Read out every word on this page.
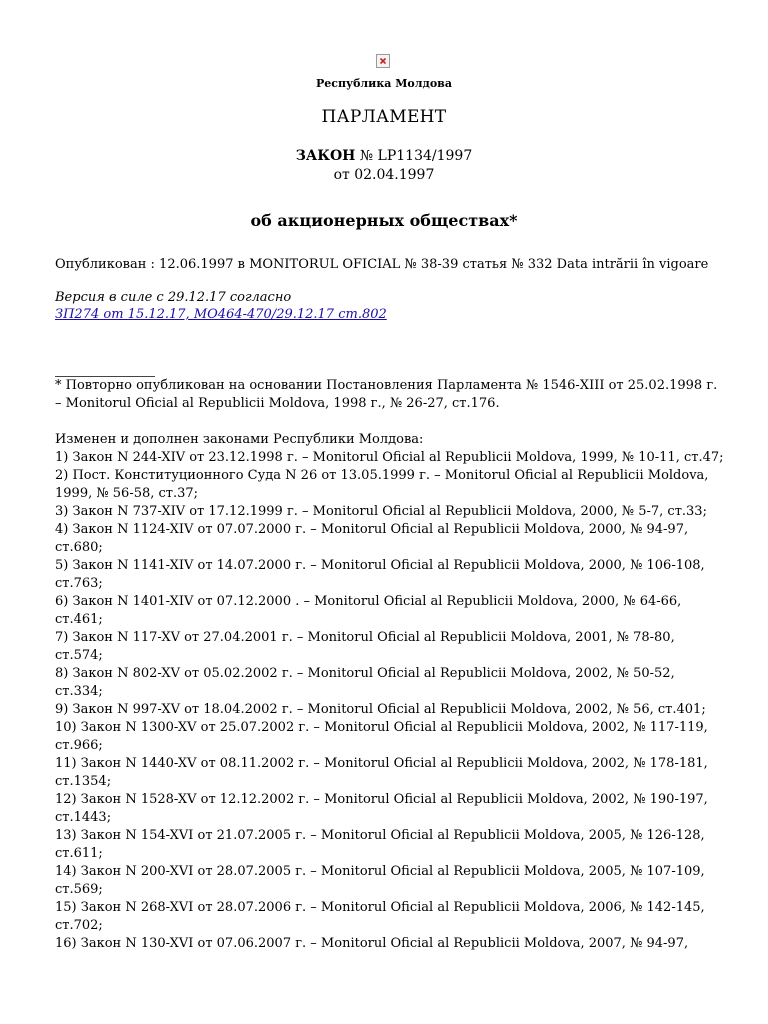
Республика Молдова
ПАРЛАМЕНТ
ЗАКОН № LP1134/1997
от 02.04.1997
об акционерных обществах*
Опубликован : 12.06.1997 в MONITORUL OFICIAL № 38-39 статья № 332 Data intrării în vigoare
Версия в силе с 29.12.17 согласно
ЗП274 от 15.12.17, MO464-470/29.12.17 ст.802
* Повторно опубликован на основании Постановления Парламента № 1546-XIII от 25.02.1998 г.
– Monitorul Oficial al Republicii Moldova, 1998 г., № 26-27, ст.176.
Изменен и дополнен законами Республики Молдова:
1) Закон N 244-XIV от 23.12.1998 г. – Monitorul Oficial al Republicii Moldova, 1999, № 10-11, ст.47;
2) Пост. Конституционного Суда N 26 от 13.05.1999 г. – Monitorul Oficial al Republicii Moldova,
1999, № 56-58, ст.37;
3) Закон N 737-XIV от 17.12.1999 г. – Monitorul Oficial al Republicii Moldova, 2000, № 5-7, ст.33;
4) Закон N 1124-XIV от 07.07.2000 г. – Monitorul Oficial al Republicii Moldova, 2000, № 94-97,
ст.680;
5) Закон N 1141-XIV от 14.07.2000 г. – Monitorul Oficial al Republicii Moldova, 2000, № 106-108,
ст.763;
6) Закон N 1401-XIV от 07.12.2000 . – Monitorul Oficial al Republicii Moldova, 2000, № 64-66,
ст.461;
7) Закон N 117-XV от 27.04.2001 г. – Monitorul Oficial al Republicii Moldova, 2001, № 78-80,
ст.574;
8) Закон N 802-XV от 05.02.2002 г. – Monitorul Oficial al Republicii Moldova, 2002, № 50-52,
ст.334;
9) Закон N 997-XV от 18.04.2002 г. – Monitorul Oficial al Republicii Moldova, 2002, № 56, ст.401;
10) Закон N 1300-XV от 25.07.2002 г. – Monitorul Oficial al Republicii Moldova, 2002, № 117-119,
ст.966;
11) Закон N 1440-XV от 08.11.2002 г. – Monitorul Oficial al Republicii Moldova, 2002, № 178-181,
ст.1354;
12) Закон N 1528-XV от 12.12.2002 г. – Monitorul Oficial al Republicii Moldova, 2002, № 190-197,
ст.1443;
13) Закон N 154-XVI от 21.07.2005 г. – Monitorul Oficial al Republicii Moldova, 2005, № 126-128,
ст.611;
14) Закон N 200-XVI от 28.07.2005 г. – Monitorul Oficial al Republicii Moldova, 2005, № 107-109,
ст.569;
15) Закон N 268-XVI от 28.07.2006 г. – Monitorul Oficial al Republicii Moldova, 2006, № 142-145,
ст.702;
16) Закон N 130-XVI от 07.06.2007 г. – Monitorul Oficial al Republicii Moldova, 2007, № 94-97,
